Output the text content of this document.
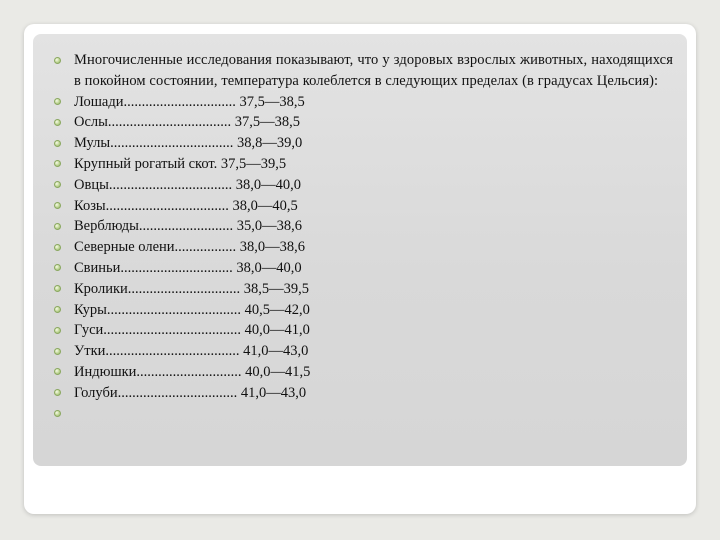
Многочисленные исследования показывают, что у здоровых взрослых животных, находящихся в покойном состоянии, температура колеблется в следующих пределах (в градусах Цельсия):
Лошади............................... 37,5—38,5
Ослы.................................. 37,5—38,5
Мулы.................................. 38,8—39,0
Крупный рогатый скот. 37,5—39,5
Овцы.................................. 38,0—40,0
Козы.................................. 38,0—40,5
Верблюды.......................... 35,0—38,6
Северные олени................. 38,0—38,6
Свиньи............................... 38,0—40,0
Кролики............................... 38,5—39,5
Куры..................................... 40,5—42,0
Гуси...................................... 40,0—41,0
Утки..................................... 41,0—43,0
Индюшки............................. 40,0—41,5
Голуби................................. 41,0—43,0
